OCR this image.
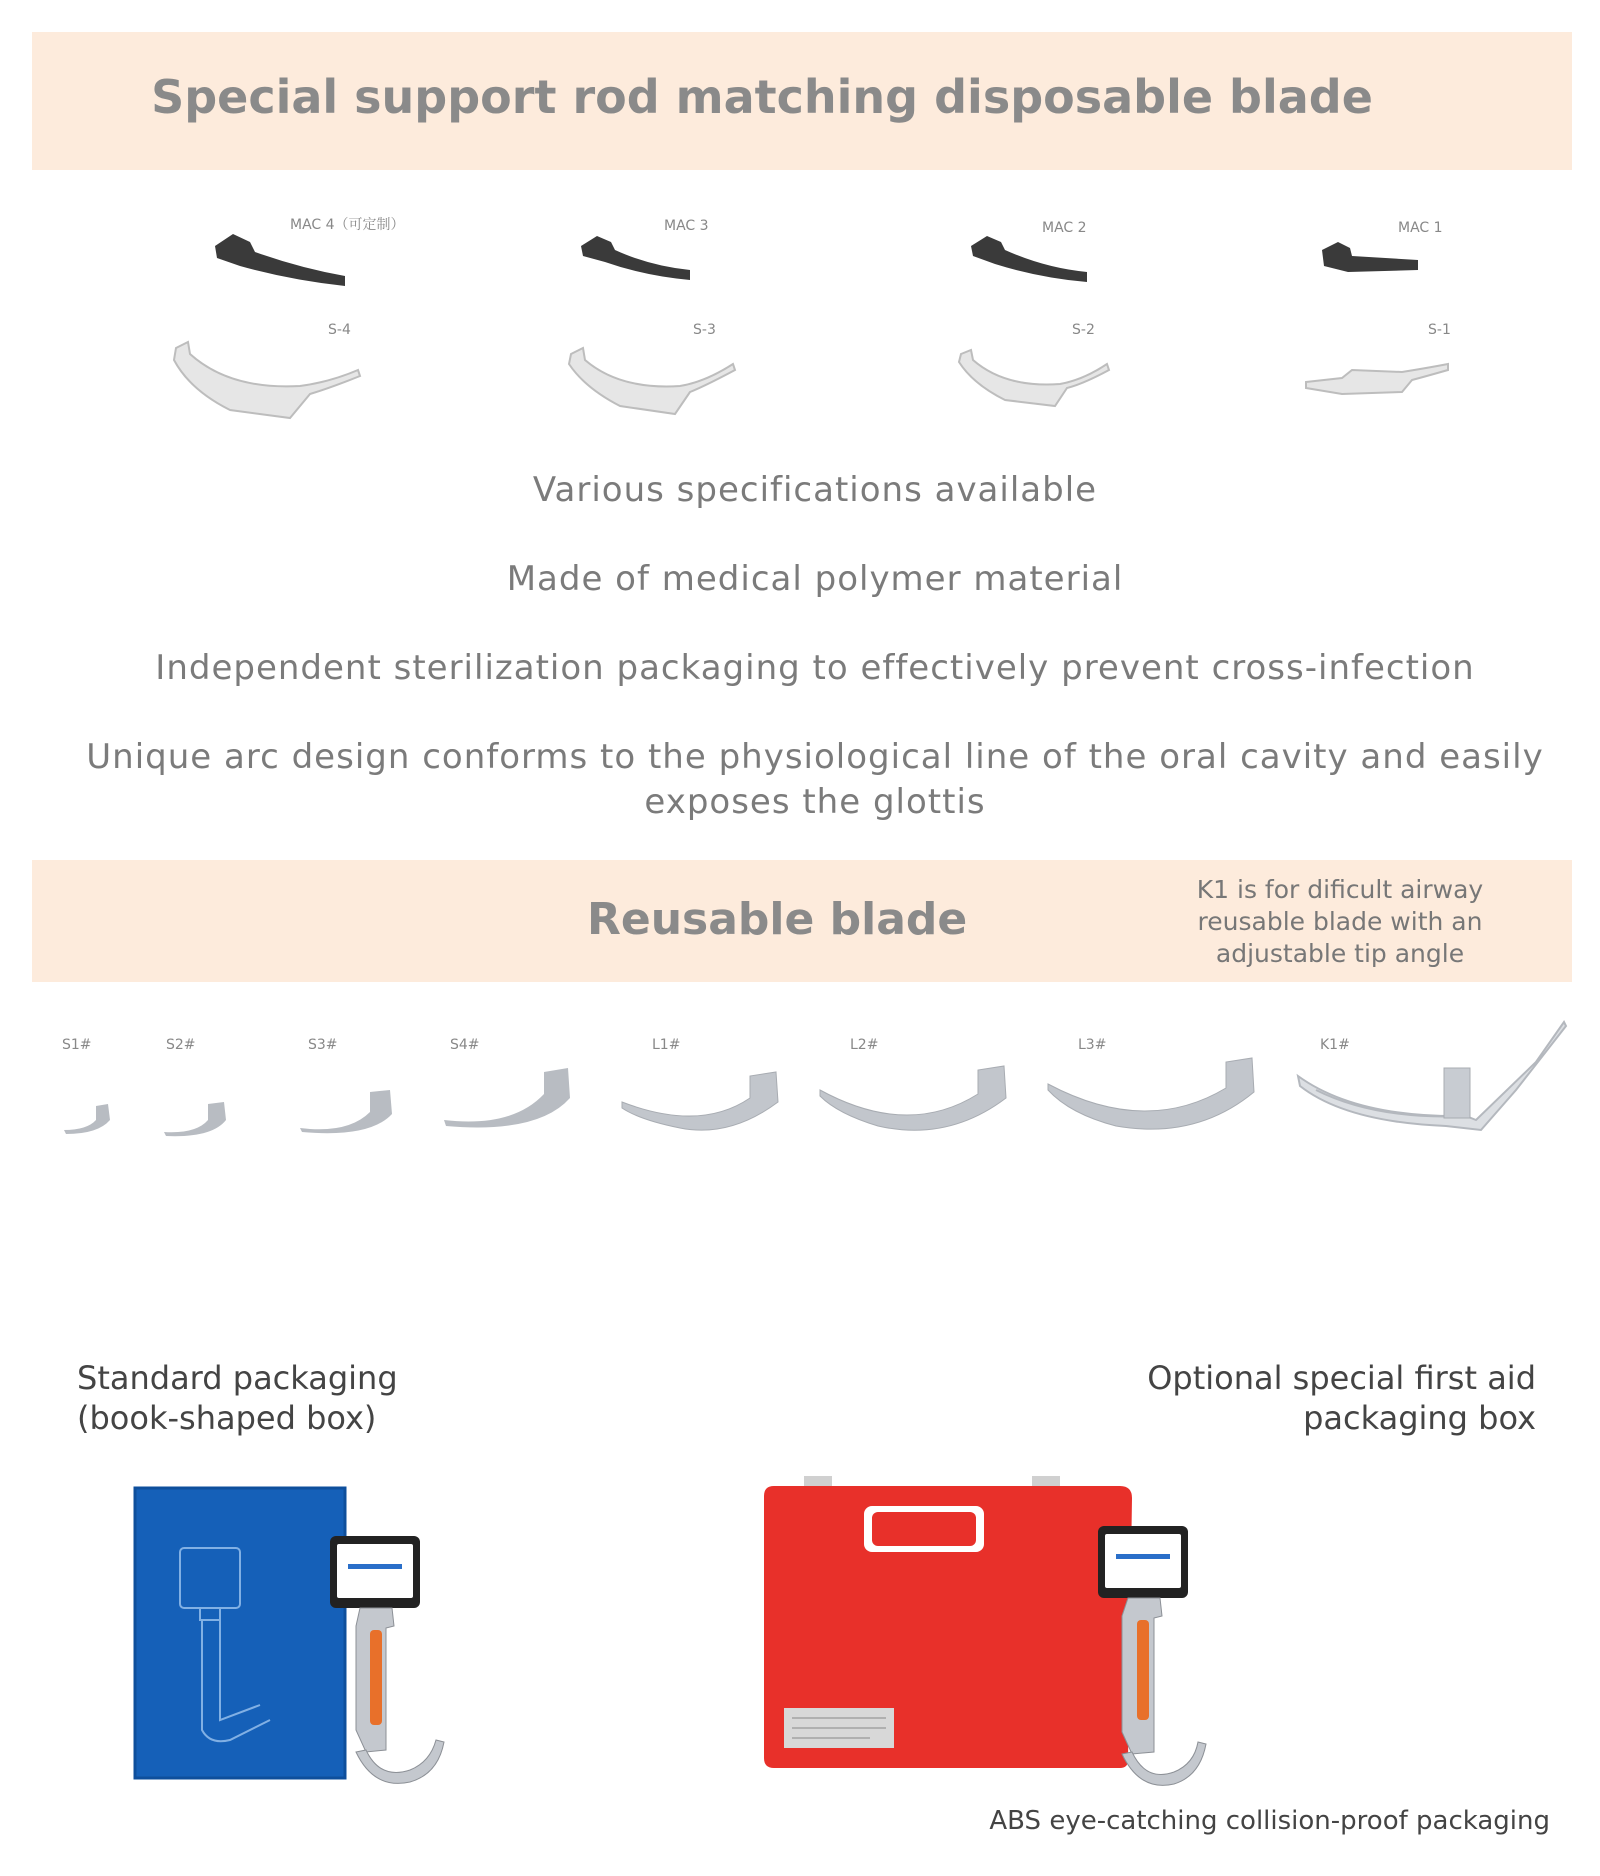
Special support rod matching disposable blade
MAC 4（可定制）	MAC 3	MAC 2	MAC 1
S-4	S-3	S-2	S-1
Various specifications available
Made of medical polymer material
Independent sterilization packaging to effectively prevent cross-infection
Unique arc design conforms to the physiological line of the oral cavity and easily
exposes the glottis
Reusable blade
K1 is for dificult airway
reusable blade with an
adjustable tip angle
S1#	S2#	S3#	S4#	L1#	L2#	L3#	K1#
Standard packaging
(book-shaped box)
Optional special first aid
packaging box
ABS eye-catching collision-proof packaging
